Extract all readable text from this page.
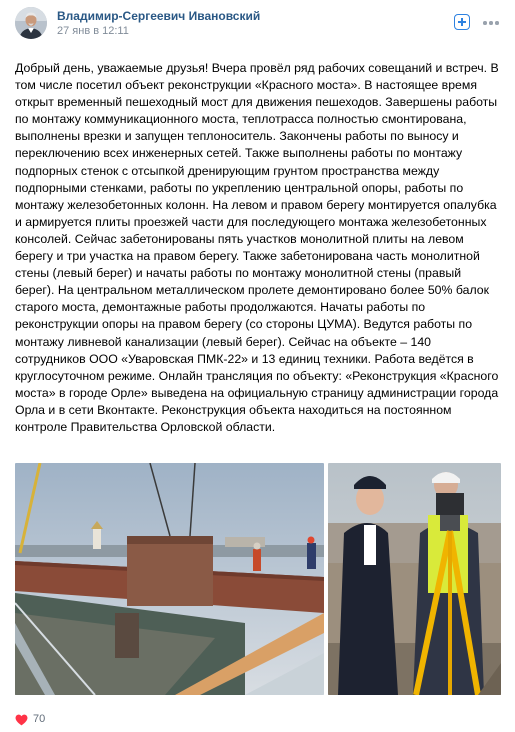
Владимир-Сергеевич Ивановский
27 янв в 12:11
Добрый день, уважаемые друзья! Вчера провёл ряд рабочих совещаний и встреч. В том числе посетил объект реконструкции «Красного моста». В настоящее время открыт временный пешеходный мост для движения пешеходов. Завершены работы по монтажу коммуникационного моста, теплотрасса полностью смонтирована, выполнены врезки и запущен теплоноситель. Закончены работы по выносу и переключению всех инженерных сетей. Также выполнены работы по монтажу подпорных стенок с отсыпкой дренирующим грунтом пространства между подпорными стенками, работы по укреплению центральной опоры, работы по монтажу железобетонных колонн. На левом и правом берегу монтируется опалубка и армируется плиты проезжей части для последующего монтажа железобетонных консолей. Сейчас забетонированы пять участков монолитной плиты на левом берегу и три участка на правом берегу. Также забетонирована часть монолитной стены (левый берег) и начаты работы по монтажу монолитной стены (правый берег). На центральном металлическом пролете демонтировано более 50% балок старого моста, демонтажные работы продолжаются. Начаты работы по реконструкции опоры на правом берегу (со стороны ЦУМА). Ведутся работы по монтажу ливневой канализации (левый берег). Сейчас на объекте – 140 сотрудников ООО «Уваровская ПМК-22» и 13 единиц техники. Работа ведётся в круглосуточном режиме. Онлайн трансляция по объекту: «Реконструкция «Красного моста» в городе Орле» выведена на официальную страницу администрации города Орла и в сети Вконтакте. Реконструкция объекта находиться на постоянном контроле Правительства Орловской области.
70
